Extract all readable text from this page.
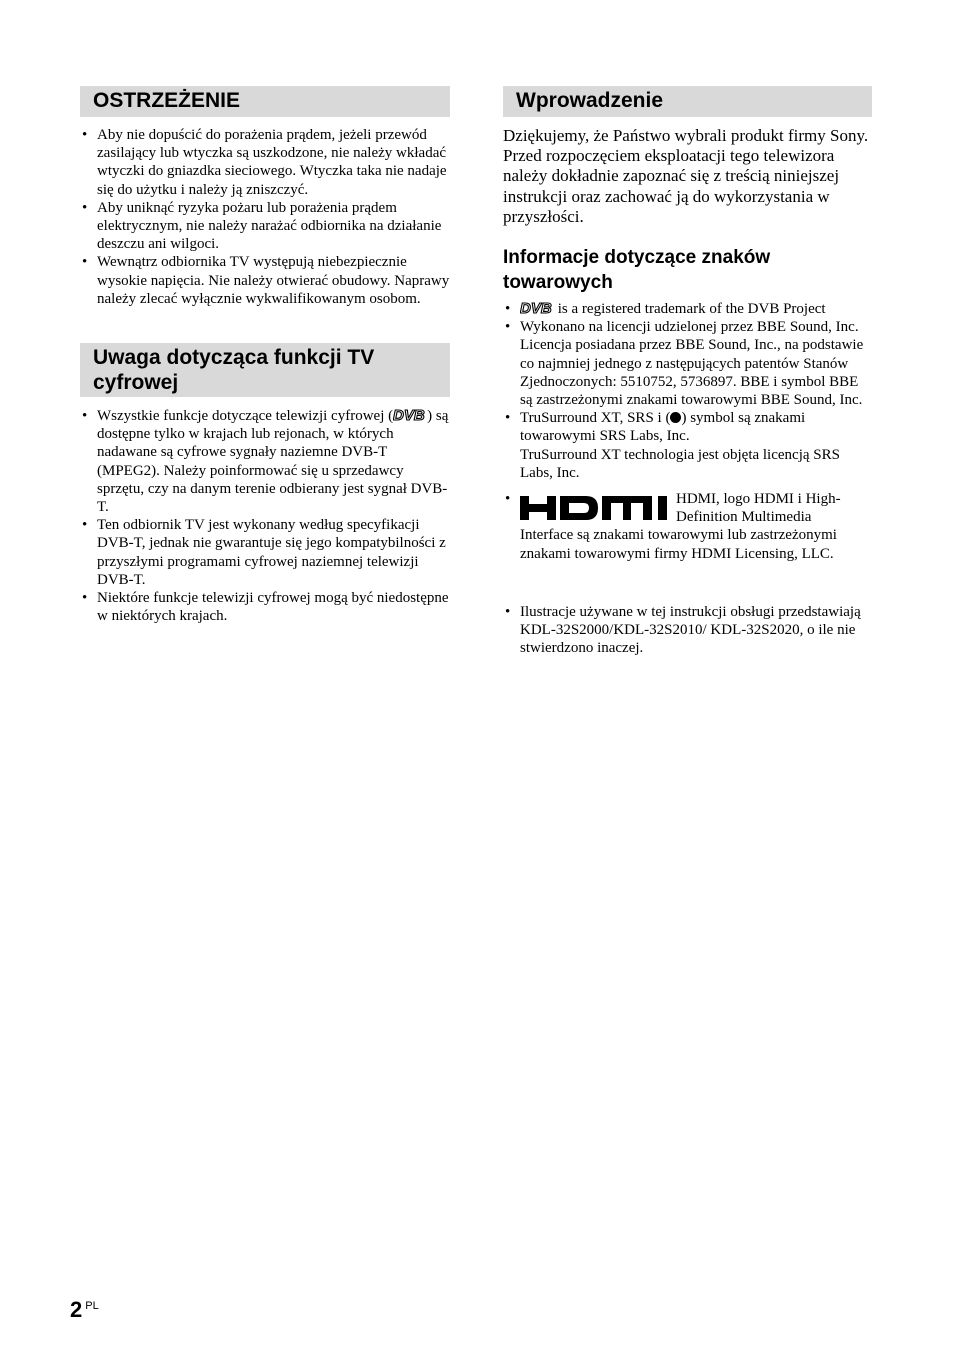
OSTRZEŻENIE
• Aby nie dopuścić do porażenia prądem, jeżeli przewód zasilający lub wtyczka są uszkodzone, nie należy wkładać wtyczki do gniazdka sieciowego. Wtyczka taka nie nadaje się do użytku i należy ją zniszczyć.
• Aby uniknąć ryzyka pożaru lub porażenia prądem elektrycznym, nie należy narażać odbiornika na działanie deszczu ani wilgoci.
• Wewnątrz odbiornika TV występują niebezpiecznie wysokie napięcia. Nie należy otwierać obudowy. Naprawy należy zlecać wyłącznie wykwalifikowanym osobom.
Uwaga dotycząca funkcji TV cyfrowej
• Wszystkie funkcje dotyczące telewizji cyfrowej ( DVB ) są dostępne tylko w krajach lub rejonach, w których nadawane są cyfrowe sygnały naziemne DVB-T (MPEG2). Należy poinformować się u sprzedawcy sprzętu, czy na danym terenie odbierany jest sygnał DVB-T.
• Ten odbiornik TV jest wykonany według specyfikacji DVB-T, jednak nie gwarantuje się jego kompatybilności z przyszłymi programami cyfrowej naziemnej telewizji DVB-T.
• Niektóre funkcje telewizji cyfrowej mogą być niedostępne w niektórych krajach.
Wprowadzenie

Dziękujemy, że Państwo wybrali produkt firmy Sony.

Przed rozpoczęciem eksploatacji tego telewizora należy dokładnie zapoznać się z treścią niniejszej instrukcji oraz zachować ją do wykorzystania w przyszłości.

Informacje dotyczące znaków towarowych
• DVB is a registered trademark of the DVB Project
• Wykonano na licencji udzielonej przez BBE Sound, Inc. Licencja posiadana przez BBE Sound, Inc., na podstawie co najmniej jednego z następujących patentów Stanów Zjednoczonych: 5510752, 5736897. BBE i symbol BBE są zastrzeżonymi znakami towarowymi BBE Sound, Inc.
• TruSurround XT, SRS i ( ) symbol są znakami towarowymi SRS Labs, Inc.
TruSurround XT technologia jest objęta licencją SRS Labs, Inc.
• HDMI, logo HDMI i High-Definition Multimedia
Interface są znakami towarowymi lub zastrzeżonymi znakami towarowymi firmy HDMI Licensing, LLC.
• Ilustracje używane w tej instrukcji obsługi przedstawiają KDL-32S2000/KDL-32S2010/ KDL-32S2020, o ile nie stwierdzono inaczej.
2 $^{PL}$
